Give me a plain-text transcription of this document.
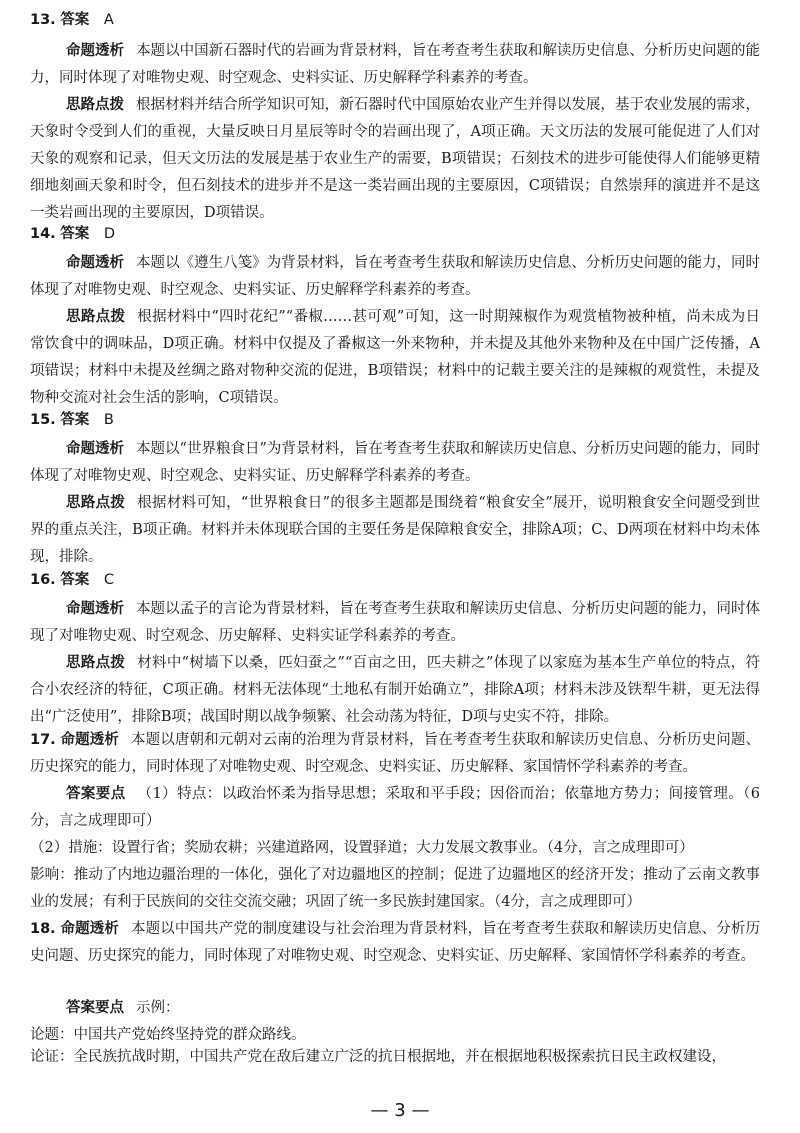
13. 答案 A
命题透析 本题以中国新石器时代的岩画为背景材料，旨在考查考生获取和解读历史信息、分析历史问题的能力，同时体现了对唯物史观、时空观念、史料实证、历史解释学科素养的考查。
思路点拨 根据材料并结合所学知识可知，新石器时代中国原始农业产生并得以发展，基于农业发展的需求，天象时令受到人们的重视，大量反映日月星辰等时令的岩画出现了，A项正确。天文历法的发展可能促进了人们对天象的观察和记录，但天文历法的发展是基于农业生产的需要，B项错误；石刻技术的进步可能使得人们能够更精细地刻画天象和时令，但石刻技术的进步并不是这一类岩画出现的主要原因，C项错误；自然崇拜的演进并不是这一类岩画出现的主要原因，D项错误。
14. 答案 D
命题透析 本题以《遵生八笺》为背景材料，旨在考查考生获取和解读历史信息、分析历史问题的能力，同时体现了对唯物史观、时空观念、史料实证、历史解释学科素养的考查。
思路点拨 根据材料中“四时花纪”“番椒……甚可观”可知，这一时期辣椒作为观赏植物被种植，尚未成为日常饮食中的调味品，D项正确。材料中仅提及了番椒这一外来物种，并未提及其他外来物种及在中国广泛传播，A项错误；材料中未提及丝绸之路对物种交流的促进，B项错误；材料中的记载主要关注的是辣椒的观赏性，未提及物种交流对社会生活的影响，C项错误。
15. 答案 B
命题透析 本题以“世界粮食日”为背景材料，旨在考查考生获取和解读历史信息、分析历史问题的能力，同时体现了对唯物史观、时空观念、史料实证、历史解释学科素养的考查。
思路点拨 根据材料可知，“世界粮食日”的很多主题都是围绕着“粮食安全”展开，说明粮食安全问题受到世界的重点关注，B项正确。材料并未体现联合国的主要任务是保障粮食安全，排除A项；C、D两项在材料中均未体现，排除。
16. 答案 C
命题透析 本题以孟子的言论为背景材料，旨在考查考生获取和解读历史信息、分析历史问题的能力，同时体现了对唯物史观、时空观念、历史解释、史料实证学科素养的考查。
思路点拨 材料中“树墙下以桑，匹妇蚕之”“百亩之田，匹夫耕之”体现了以家庭为基本生产单位的特点，符合小农经济的特征，C项正确。材料无法体现“土地私有制开始确立”，排除A项；材料未涉及铁犁牛耕，更无法得出“广泛使用”，排除B项；战国时期以战争频繁、社会动荡为特征，D项与史实不符，排除。
17. 命题透析 本题以唐朝和元朝对云南的治理为背景材料，旨在考查考生获取和解读历史信息、分析历史问题、历史探究的能力，同时体现了对唯物史观、时空观念、史料实证、历史解释、家国情怀学科素养的考查。
答案要点 （1）特点：以政治怀柔为指导思想；采取和平手段；因俗而治；依靠地方势力；间接管理。（6分，言之成理即可）
（2）措施：设置行省；奖励农耕；兴建道路网，设置驿道；大力发展文教事业。（4分，言之成理即可）
影响：推动了内地边疆治理的一体化，强化了对边疆地区的控制；促进了边疆地区的经济开发；推动了云南文教事业的发展；有利于民族间的交往交流交融；巩固了统一多民族封建国家。（4分，言之成理即可）
18. 命题透析 本题以中国共产党的制度建设与社会治理为背景材料，旨在考查考生获取和解读历史信息、分析历史问题、历史探究的能力，同时体现了对唯物史观、时空观念、史料实证、历史解释、家国情怀学科素养的考查。
答案要点 示例：
论题：中国共产党始终坚持党的群众路线。
论证：全民族抗战时期，中国共产党在敌后建立广泛的抗日根据地，并在根据地积极探索抗日民主政权建设，
— 3 —
